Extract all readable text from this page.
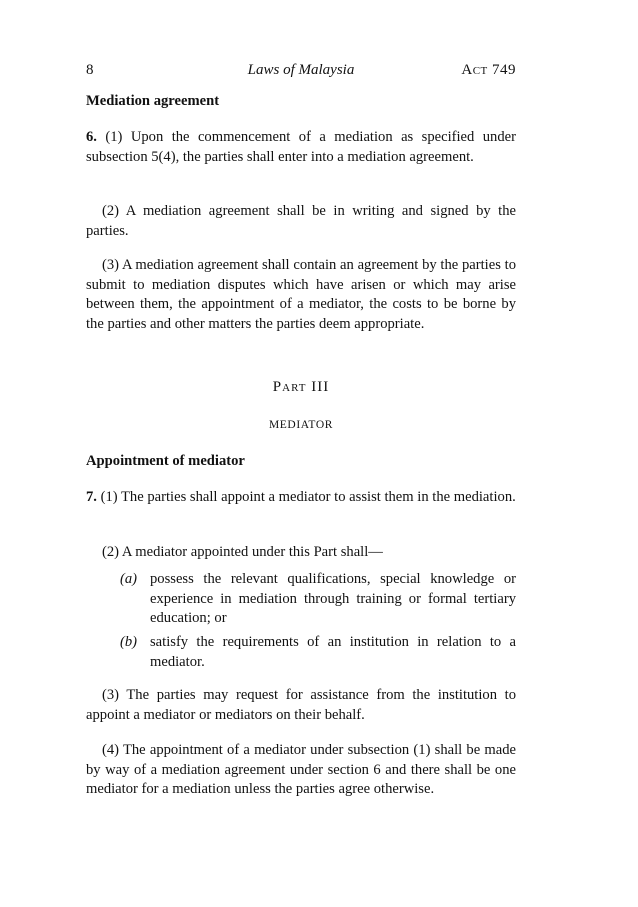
8	Laws of Malaysia	Act 749
Mediation agreement
6. (1) Upon the commencement of a mediation as specified under subsection 5(4), the parties shall enter into a mediation agreement.
(2) A mediation agreement shall be in writing and signed by the parties.
(3) A mediation agreement shall contain an agreement by the parties to submit to mediation disputes which have arisen or which may arise between them, the appointment of a mediator, the costs to be borne by the parties and other matters the parties deem appropriate.
Part III
MEDIATOR
Appointment of mediator
7. (1) The parties shall appoint a mediator to assist them in the mediation.
(2) A mediator appointed under this Part shall—
(a) possess the relevant qualifications, special knowledge or experience in mediation through training or formal tertiary education; or
(b) satisfy the requirements of an institution in relation to a mediator.
(3) The parties may request for assistance from the institution to appoint a mediator or mediators on their behalf.
(4) The appointment of a mediator under subsection (1) shall be made by way of a mediation agreement under section 6 and there shall be one mediator for a mediation unless the parties agree otherwise.
